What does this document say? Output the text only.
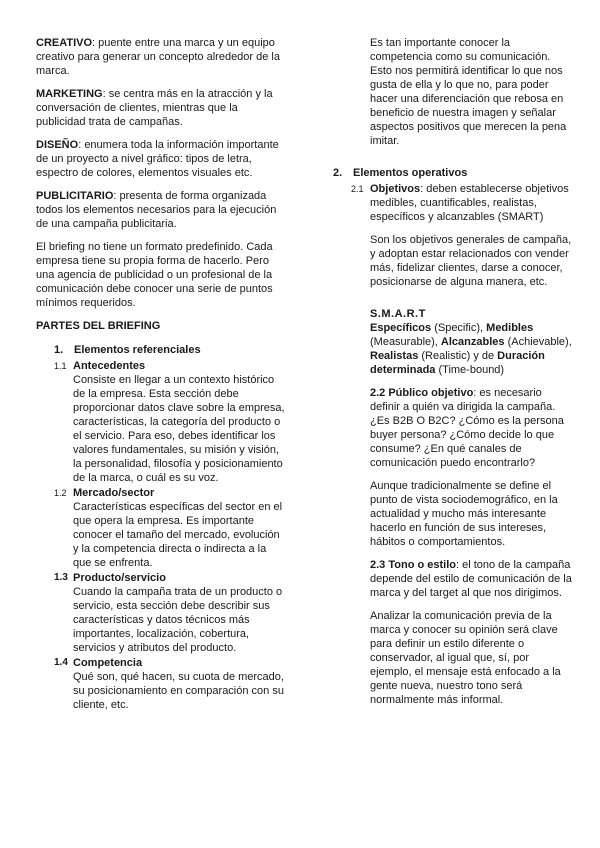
CREATIVO: puente entre una marca y un equipo creativo para generar un concepto alrededor de la marca.

MARKETING: se centra más en la atracción y la conversación de clientes, mientras que la publicidad trata de campañas.

DISEÑO: enumera toda la información importante de un proyecto a nivel gráfico: tipos de letra, espectro de colores, elementos visuales etc.

PUBLICITARIO: presenta de forma organizada todos los elementos necesarios para la ejecución de una campaña publicitaria.

El briefing no tiene un formato predefinido. Cada empresa tiene su propia forma de hacerlo. Pero una agencia de publicidad o un profesional de la comunicación debe conocer una serie de puntos mínimos requeridos.

PARTES DEL BRIEFING

1. Elementos referenciales
1.1 Antecedentes
Consiste en llegar a un contexto histórico de la empresa. Esta sección debe proporcionar datos clave sobre la empresa, características, la categoría del producto o el servicio. Para eso, debes identificar los valores fundamentales, su misión y visión, la personalidad, filosofía y posicionamiento de la marca, o cuál es su voz.
1.2 Mercado/sector
Características específicas del sector en el que opera la empresa. Es importante conocer el tamaño del mercado, evolución y la competencia directa o indirecta a la que se enfrenta.
1.3 Producto/servicio
Cuando la campaña trata de un producto o servicio, esta sección debe describir sus características y datos técnicos más importantes, localización, cobertura, servicios y atributos del producto.
1.4 Competencia
Qué son, qué hacen, su cuota de mercado, su posicionamiento en comparación con su cliente, etc.

Es tan importante conocer la competencia como su comunicación. Esto nos permitirá identificar lo que nos gusta de ella y lo que no, para poder hacer una diferenciación que rebosa en beneficio de nuestra imagen y señalar aspectos positivos que merecen la pena imitar.

2. Elementos operativos
2.1 Objetivos: deben establecerse objetivos medibles, cuantificables, realistas, específicos y alcanzables (SMART)

Son los objetivos generales de campaña, y adoptan estar relacionados con vender más, fidelizar clientes, darse a conocer, posicionarse de alguna manera, etc.

S.M.A.R.T
Específicos (Specific), Medibles (Measurable), Alcanzables (Achievable), Realistas (Realistic) y de Duración determinada (Time-bound)

2.2 Público objetivo: es necesario definir a quién va dirigida la campaña. ¿Es B2B O B2C? ¿Cómo es la persona buyer persona? ¿Cómo decide lo que consume? ¿En qué canales de comunicación puedo encontrarlo?

Aunque tradicionalmente se define el punto de vista sociodemográfico, en la actualidad y mucho más interesante hacerlo en función de sus intereses, hábitos o comportamientos.

2.3 Tono o estilo: el tono de la campaña depende del estilo de comunicación de la marca y del target al que nos dirigimos.

Analizar la comunicación previa de la marca y conocer su opinión será clave para definir un estilo diferente o conservador, al igual que, sí, por ejemplo, el mensaje está enfocado a la gente nueva, nuestro tono será normalmente más informal.
